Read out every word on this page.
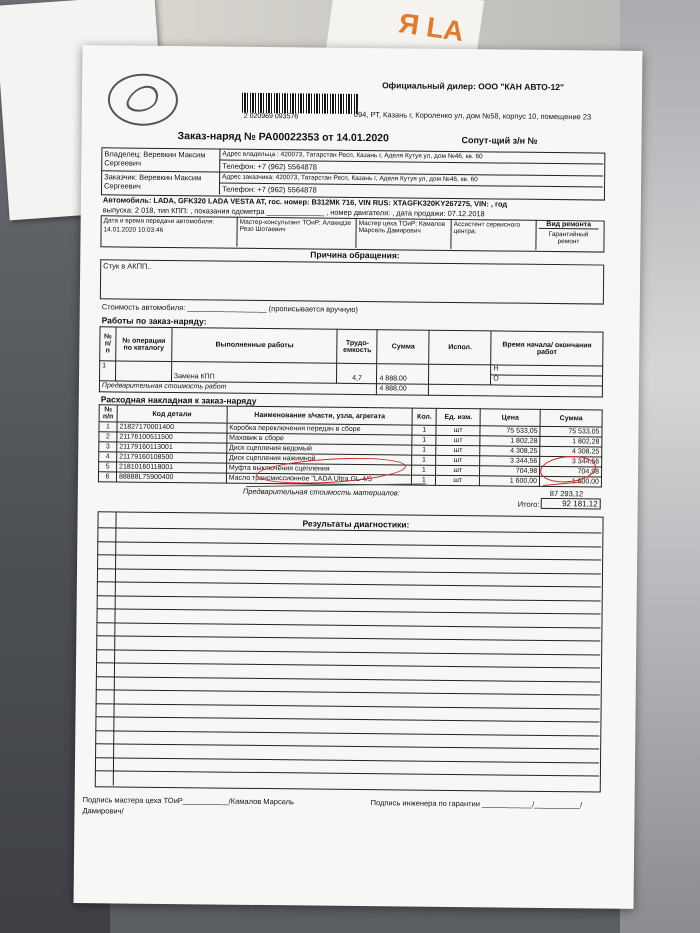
Я LA
Официальный дилер: ООО "КАН АВТО-12"
2 020969 093576	094, РТ, Казань г, Короленко ул, дом №58, корпус 10, помещение 23
Заказ-наряд № PA00022353 от 14.01.2020	Сопут-щий з/н №
Владелец: Веревкин Максим Сергеевич
Адрес владельца : 420073, Татарстан Респ, Казань г, Аделя Кутуя ул, дом №46, кв. 60
Телефон: +7 (962) 5564878
Заказчик: Веревкин Максим Сергеевич
Адрес заказчика: 420073, Татарстан Респ, Казань г, Аделя Кутуя ул, дом №46, кв. 60
Телефон: +7 (962) 5564878
Автомобиль: LADA, GFK320 LADA VESTA AT, гос. номер: В312МК 716, VIN RUS: XTAGFK320KY267275, VIN: , год
выпуска: 2 018, тип КПП: , показания одометра ______________ , номер двигателя: , дата продажи: 07.12.2018
Дата и время передачи автомобиля:
14.01.2020 10:03:46
Мастер-консультант ТОиР: Алакидзе Резо Шотаевич
Мастер цеха ТОиР: Камалов Марсель Дамирович
Ассистент сервисного центра:
Вид ремонта
Гарантийный ремонт
Причина обращения:
Стук в АКПП..
Стоимость автомобиля: ___________________ (прописывается вручную)
Работы по заказ-наряду:
№ п/ п	№ операции по каталогу	Выполненные работы	Трудо-емкость	Сумма	Испол.	Время начала/ окончания работ
1		Замена КПП	4,7	4 888,00		Н
О

Предварительная стоимость работ				4 888,00		
Расходная накладная к заказ-наряду
№ п/п	Код детали	Наименование з/части, узла, агрегата	Кол.	Ед. изм.	Цена	Сумма
1	21827170001400	Коробка переключения передач в сборе	1	шт	75 533,05	75 533,05
2	21176100511500	Маховик в сборе	1	шт	1 802,28	1 802,28
3	21179160113001	Диск сцепления ведомый	1	шт	4 308,25	4 308,25
4	21179160108500	Диск сцепления нажимной	1	шт	3 344,56	3 344,56
5	21810160118001	Муфта выключения сцепления	1	шт	704,98	704,98
6	88888L75900400	Масло трансмиссионное "LADA Ultra GL-4/5	1	шт	1 600,00	1 600,00
Предварительная стоимость материалов:	87 293,12
Итого:	92 181,12
Результаты диагностики:
Подпись мастера цеха ТОиР___________/Камалов Марсель
Дамирович/
Подпись инженера по гарантии ____________/___________/
